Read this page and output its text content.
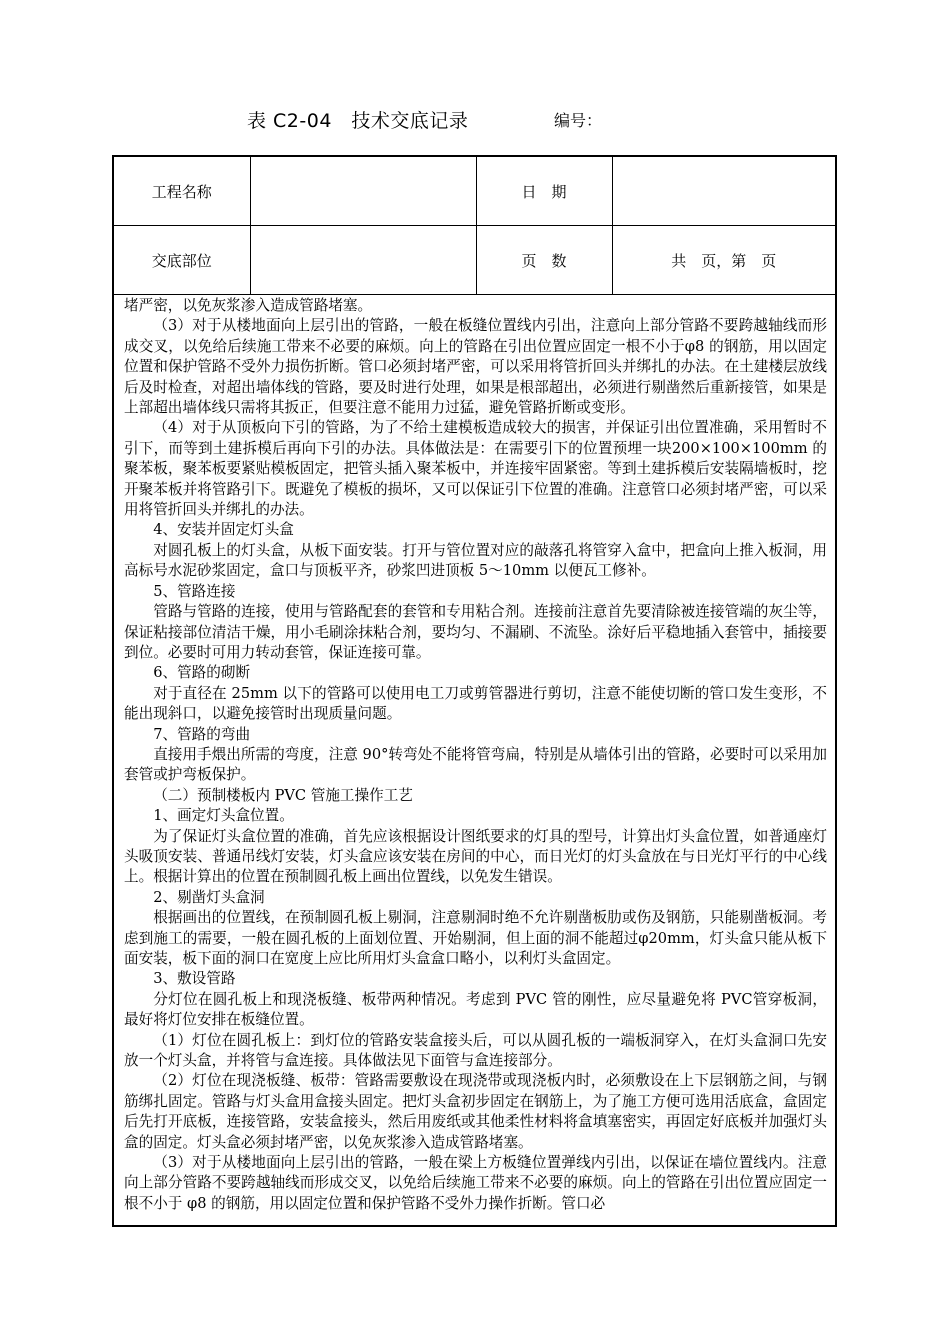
表 C2-04　技术交底记录	编号：
工程名称		日　期	
交底部位		页　数	共　页，第　页

堵严密，以免灰浆渗入造成管路堵塞。

（3）对于从楼地面向上层引出的管路，一般在板缝位置线内引出，注意向上部分管路不要跨越轴线而形成交叉，以免给后续施工带来不必要的麻烦。向上的管路在引出位置应固定一根不小于φ8 的钢筋，用以固定位置和保护管路不受外力损伤折断。管口必须封堵严密，可以采用将管折回头并绑扎的办法。在土建楼层放线后及时检查，对超出墙体线的管路，要及时进行处理，如果是根部超出，必须进行剔凿然后重新接管，如果是上部超出墙体线只需将其扳正，但要注意不能用力过猛，避免管路折断或变形。

（4）对于从顶板向下引的管路，为了不给土建模板造成较大的损害，并保证引出位置准确，采用暂时不引下，而等到土建拆模后再向下引的办法。具体做法是：在需要引下的位置预埋一块200×100×100mm 的聚苯板，聚苯板要紧贴模板固定，把管头插入聚苯板中，并连接牢固紧密。等到土建拆模后安装隔墙板时，挖开聚苯板并将管路引下。既避免了模板的损坏，又可以保证引下位置的准确。注意管口必须封堵严密，可以采用将管折回头并绑扎的办法。

4、安装并固定灯头盒

对圆孔板上的灯头盒，从板下面安装。打开与管位置对应的敲落孔将管穿入盒中，把盒向上推入板洞，用高标号水泥砂浆固定，盒口与顶板平齐，砂浆凹进顶板 5～10mm 以便瓦工修补。

5、管路连接

管路与管路的连接，使用与管路配套的套管和专用粘合剂。连接前注意首先要清除被连接管端的灰尘等，保证粘接部位清洁干燥，用小毛刷涂抹粘合剂，要均匀、不漏刷、不流坠。涂好后平稳地插入套管中，插接要到位。必要时可用力转动套管，保证连接可靠。

6、管路的砌断

对于直径在 25mm 以下的管路可以使用电工刀或剪管器进行剪切，注意不能使切断的管口发生变形，不能出现斜口，以避免接管时出现质量问题。

7、管路的弯曲

直接用手煨出所需的弯度，注意 90°转弯处不能将管弯扁，特别是从墙体引出的管路，必要时可以采用加套管或护弯板保护。

（二）预制楼板内 PVC 管施工操作工艺

1、画定灯头盒位置。

为了保证灯头盒位置的准确，首先应该根据设计图纸要求的灯具的型号，计算出灯头盒位置，如普通座灯头吸顶安装、普通吊线灯安装，灯头盒应该安装在房间的中心，而日光灯的灯头盒放在与日光灯平行的中心线上。根据计算出的位置在预制圆孔板上画出位置线，以免发生错误。

2、剔凿灯头盒洞

根据画出的位置线，在预制圆孔板上剔洞，注意剔洞时绝不允许剔凿板肋或伤及钢筋，只能剔凿板洞。考虑到施工的需要，一般在圆孔板的上面划位置、开始剔洞，但上面的洞不能超过φ20mm，灯头盒只能从板下面安装，板下面的洞口在宽度上应比所用灯头盒盒口略小，以利灯头盒固定。

3、敷设管路

分灯位在圆孔板上和现浇板缝、板带两种情况。考虑到 PVC 管的刚性，应尽量避免将 PVC管穿板洞，最好将灯位安排在板缝位置。

（1）灯位在圆孔板上：到灯位的管路安装盒接头后，可以从圆孔板的一端板洞穿入，在灯头盒洞口先安放一个灯头盒，并将管与盒连接。具体做法见下面管与盒连接部分。

（2）灯位在现浇板缝、板带：管路需要敷设在现浇带或现浇板内时，必须敷设在上下层钢筋之间，与钢筋绑扎固定。管路与灯头盒用盒接头固定。把灯头盒初步固定在钢筋上，为了施工方便可选用活底盒，盒固定后先打开底板，连接管路，安装盒接头，然后用废纸或其他柔性材料将盒填塞密实，再固定好底板并加强灯头盒的固定。灯头盒必须封堵严密，以免灰浆渗入造成管路堵塞。

（3）对于从楼地面向上层引出的管路，一般在梁上方板缝位置弹线内引出，以保证在墙位置线内。注意向上部分管路不要跨越轴线而形成交叉，以免给后续施工带来不必要的麻烦。向上的管路在引出位置应固定一根不小于 φ8 的钢筋，用以固定位置和保护管路不受外力操作折断。管口必
